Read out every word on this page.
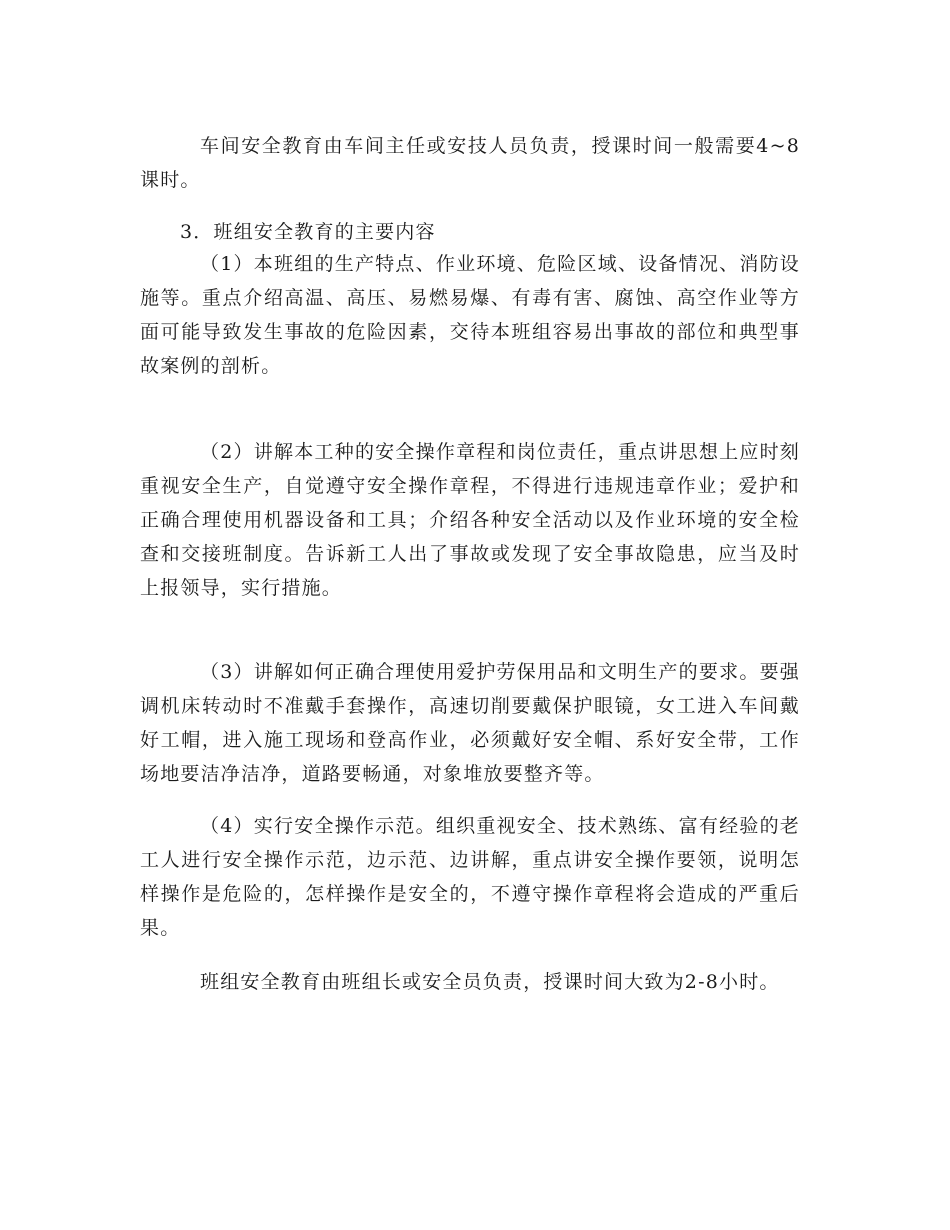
车间安全教育由车间主任或安技人员负责，授课时间一般需要4~8课时。

3．班组安全教育的主要内容

（1）本班组的生产特点、作业环境、危险区域、设备情况、消防设施等。重点介绍高温、高压、易燃易爆、有毒有害、腐蚀、高空作业等方面可能导致发生事故的危险因素，交待本班组容易出事故的部位和典型事故案例的剖析。

（2）讲解本工种的安全操作章程和岗位责任，重点讲思想上应时刻重视安全生产，自觉遵守安全操作章程，不得进行违规违章作业；爱护和正确合理使用机器设备和工具；介绍各种安全活动以及作业环境的安全检查和交接班制度。告诉新工人出了事故或发现了安全事故隐患，应当及时上报领导，实行措施。

（3）讲解如何正确合理使用爱护劳保用品和文明生产的要求。要强调机床转动时不准戴手套操作，高速切削要戴保护眼镜，女工进入车间戴好工帽，进入施工现场和登高作业，必须戴好安全帽、系好安全带，工作场地要洁净洁净，道路要畅通，对象堆放要整齐等。

（4）实行安全操作示范。组织重视安全、技术熟练、富有经验的老工人进行安全操作示范，边示范、边讲解，重点讲安全操作要领，说明怎样操作是危险的，怎样操作是安全的，不遵守操作章程将会造成的严重后果。

班组安全教育由班组长或安全员负责，授课时间大致为2-8小时。
